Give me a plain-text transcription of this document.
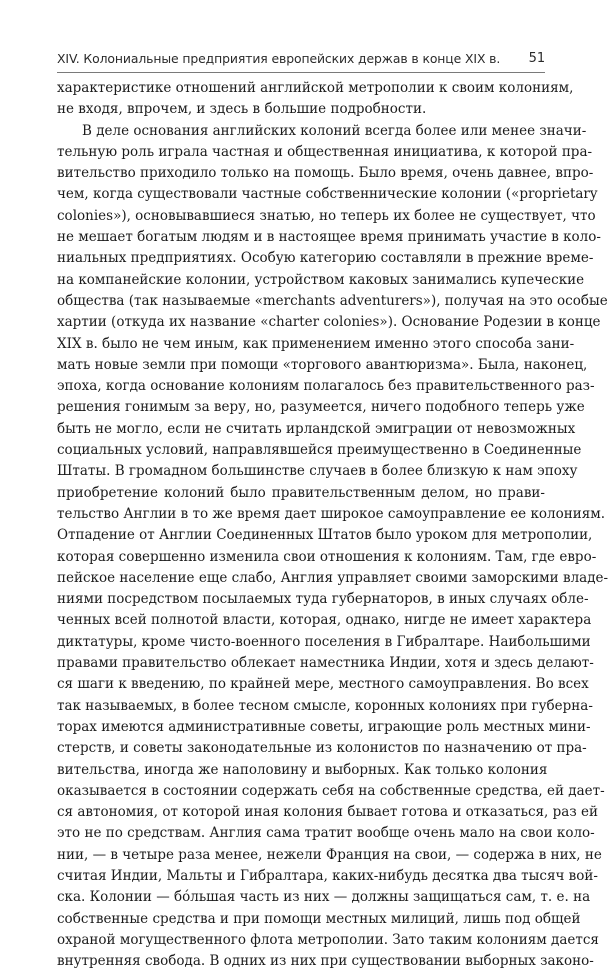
XIV. Колониальные предприятия европейских держав в конце XIX в. 51
характеристике отношений английской метрополии к своим колониям,
не входя, впрочем, и здесь в большие подробности.
В деле основания английских колоний всегда более или менее значи-
тельную роль играла частная и общественная инициатива, к которой пра-
вительство приходило только на помощь. Было время, очень давнее, впро-
чем, когда существовали частные собственнические колонии («proprietary
colonies»), основывавшиеся знатью, но теперь их более не существует, что
не мешает богатым людям и в настоящее время принимать участие в коло-
ниальных предприятиях. Особую категорию составляли в прежние време-
на компанейские колонии, устройством каковых занимались купеческие
общества (так называемые «merchants adventurers»), получая на это особые
хартии (откуда их название «charter colonies»). Основание Родезии в конце
XIX в. было не чем иным, как применением именно этого способа зани-
мать новые земли при помощи «торгового авантюризма». Была, наконец,
эпоха, когда основание колониям полагалось без правительственного раз-
решения гонимым за веру, но, разумеется, ничего подобного теперь уже
быть не могло, если не считать ирландской эмиграции от невозможных
социальных условий, направлявшейся преимущественно в Соединенные
Штаты. В громадном большинстве случаев в более близкую к нам эпоху
приобретение колоний было правительственным делом, но прави-
тельство Англии в то же время дает широкое самоуправление ее колониям.
Отпадение от Англии Соединенных Штатов было уроком для метрополии,
которая совершенно изменила свои отношения к колониям. Там, где евро-
пейское население еще слабо, Англия управляет своими заморскими владе-
ниями посредством посылаемых туда губернаторов, в иных случаях обле-
ченных всей полнотой власти, которая, однако, нигде не имеет характера
диктатуры, кроме чисто-военного поселения в Гибралтаре. Наибольшими
правами правительство облекает наместника Индии, хотя и здесь делают-
ся шаги к введению, по крайней мере, местного самоуправления. Во всех
так называемых, в более тесном смысле, коронных колониях при губерна-
торах имеются административные советы, играющие роль местных мини-
стерств, и советы законодательные из колонистов по назначению от пра-
вительства, иногда же наполовину и выборных. Как только колония
оказывается в состоянии содержать себя на собственные средства, ей дает-
ся автономия, от которой иная колония бывает готова и отказаться, раз ей
это не по средствам. Англия сама тратит вообще очень мало на свои коло-
нии, — в четыре раза менее, нежели Франция на свои, — содержа в них, не
считая Индии, Мальты и Гибралтара, каких-нибудь десятка два тысяч вой-
ска. Колонии — бóльшая часть из них — должны защищаться сам, т. е. на
собственные средства и при помощи местных милиций, лишь под общей
охраной могущественного флота метрополии. Зато таким колониям дается
внутренняя свобода. В одних из них при существовании выборных законо-
